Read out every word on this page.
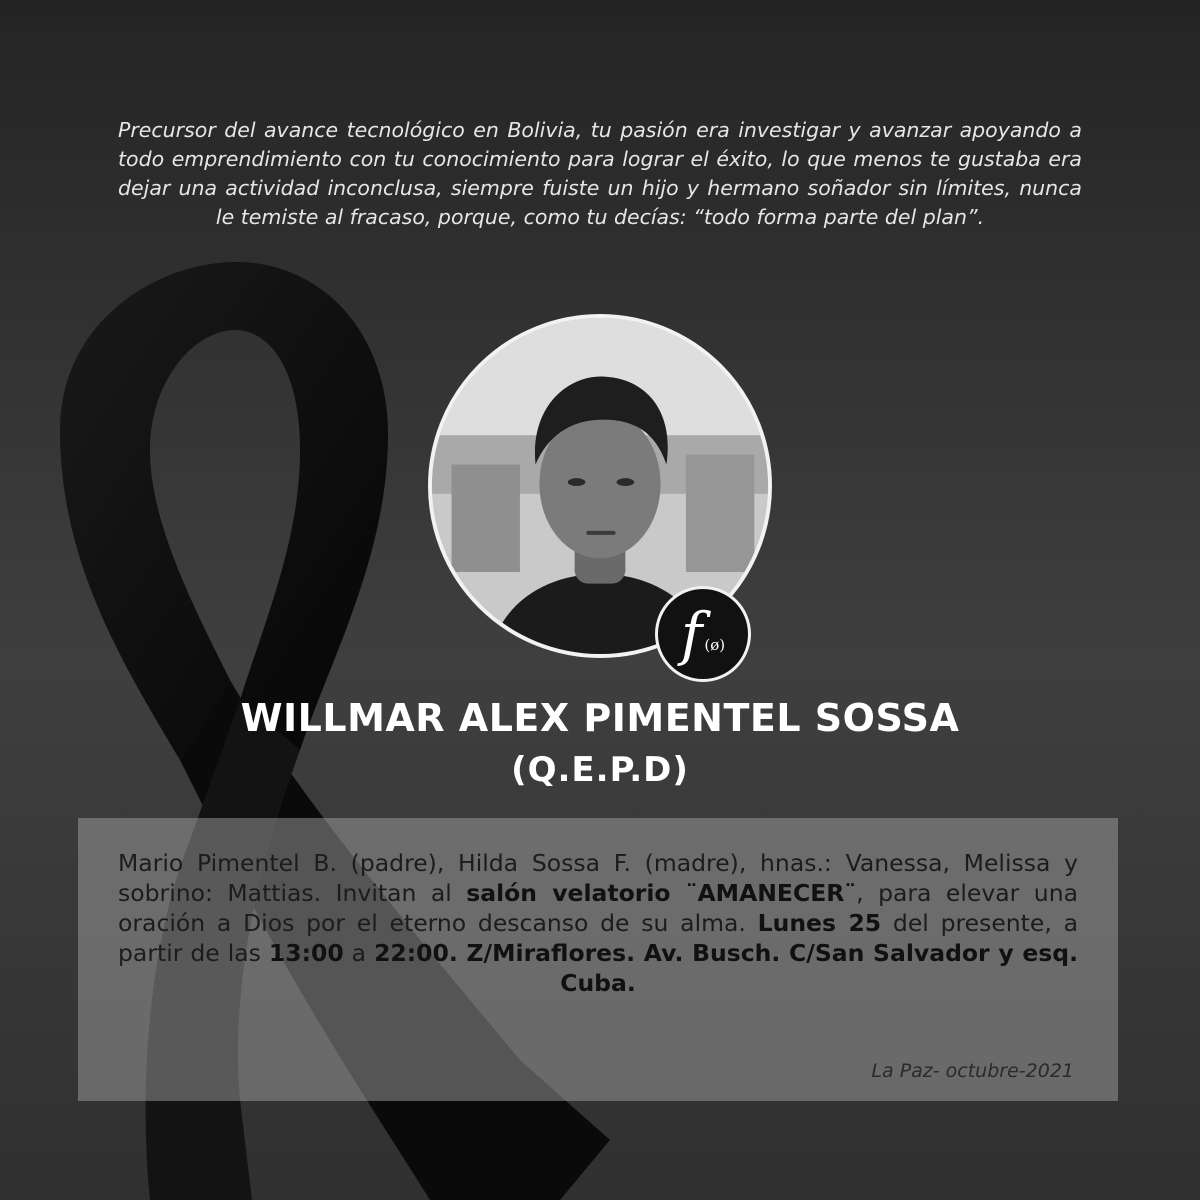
Precursor del avance tecnológico en Bolivia, tu pasión era investigar y avanzar apoyando a todo emprendimiento con tu conocimiento para lograr el éxito, lo que menos te gustaba era dejar una actividad inconclusa, siempre fuiste un hijo y hermano soñador sin límites, nunca le temiste al fracaso, porque, como tu decías: “todo forma parte del plan”.

f (ø)
WILLMAR ALEX PIMENTEL SOSSA
(Q.E.P.D)

Mario Pimentel B. (padre), Hilda Sossa F. (madre), hnas.: Vanessa, Melissa y sobrino: Mattias. Invitan al salón velatorio ¨AMANECER¨, para elevar una oración a Dios por el eterno descanso de su alma. Lunes 25 del presente, a partir de las 13:00 a 22:00. Z/Miraflores. Av. Busch. C/San Salvador y esq. Cuba.

La Paz- octubre-2021
